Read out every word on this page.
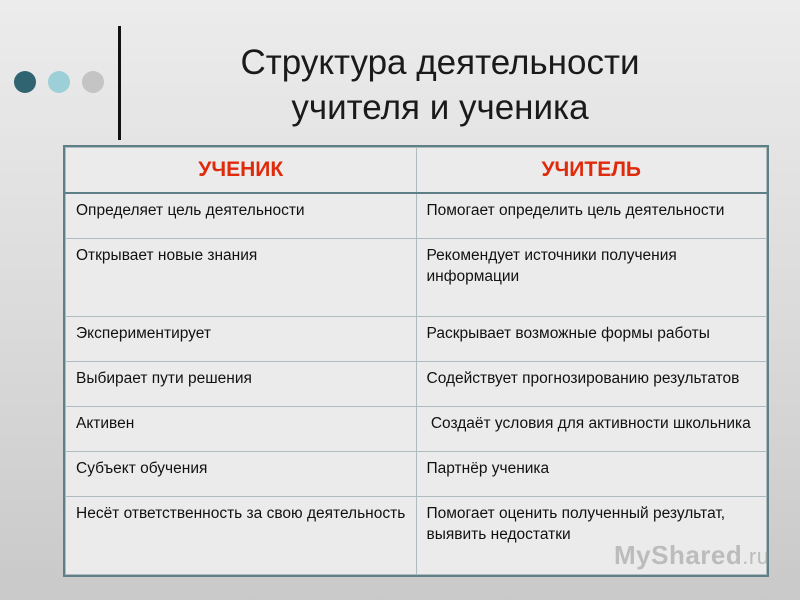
Структура деятельности
учителя и ученика
УЧЕНИК	УЧИТЕЛЬ
Определяет цель деятельности	Помогает определить цель деятельности
Открывает новые знания	Рекомендует источники получения информации
Экспериментирует	Раскрывает возможные формы работы
Выбирает пути решения	Содействует прогнозированию результатов
Активен	Создаёт условия для активности школьника
Субъект обучения	Партнёр ученика
Несёт ответственность за свою деятельность	Помогает оценить полученный результат, выявить недостатки
MyShared.ru
